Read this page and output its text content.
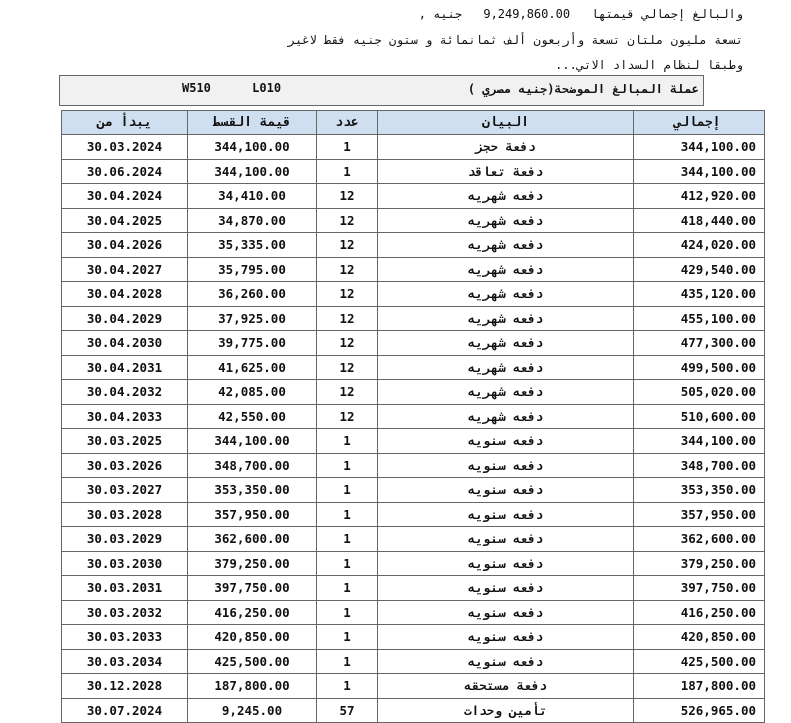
والبالغ إجمالي قيمتها 9,249,860.00 جنيه ,
تسعة مليون ملتان تسعة وأربعون ألف ثمانمائة و ستون جنيه فقط لاغير
وطبقا لنظام السداد الاتي...
W510	L010	عملة المبالغ الموضحة(جنيه مصري )
يبدأ من	قيمة القسط	عدد	البيان	إجمالي
30.03.2024	344,100.00	1	دفعة حجز	344,100.00
30.06.2024	344,100.00	1	دفعة تعاقد	344,100.00
30.04.2024	34,410.00	12	دفعه شهريه	412,920.00
30.04.2025	34,870.00	12	دفعه شهريه	418,440.00
30.04.2026	35,335.00	12	دفعه شهريه	424,020.00
30.04.2027	35,795.00	12	دفعه شهريه	429,540.00
30.04.2028	36,260.00	12	دفعه شهريه	435,120.00
30.04.2029	37,925.00	12	دفعه شهريه	455,100.00
30.04.2030	39,775.00	12	دفعه شهريه	477,300.00
30.04.2031	41,625.00	12	دفعه شهريه	499,500.00
30.04.2032	42,085.00	12	دفعه شهريه	505,020.00
30.04.2033	42,550.00	12	دفعه شهريه	510,600.00
30.03.2025	344,100.00	1	دفعه سنويه	344,100.00
30.03.2026	348,700.00	1	دفعه سنويه	348,700.00
30.03.2027	353,350.00	1	دفعه سنويه	353,350.00
30.03.2028	357,950.00	1	دفعه سنويه	357,950.00
30.03.2029	362,600.00	1	دفعه سنويه	362,600.00
30.03.2030	379,250.00	1	دفعه سنويه	379,250.00
30.03.2031	397,750.00	1	دفعه سنويه	397,750.00
30.03.2032	416,250.00	1	دفعه سنويه	416,250.00
30.03.2033	420,850.00	1	دفعه سنويه	420,850.00
30.03.2034	425,500.00	1	دفعه سنويه	425,500.00
30.12.2028	187,800.00	1	دفعة مستحقه	187,800.00
30.07.2024	9,245.00	57	تأمين وحدات	526,965.00
